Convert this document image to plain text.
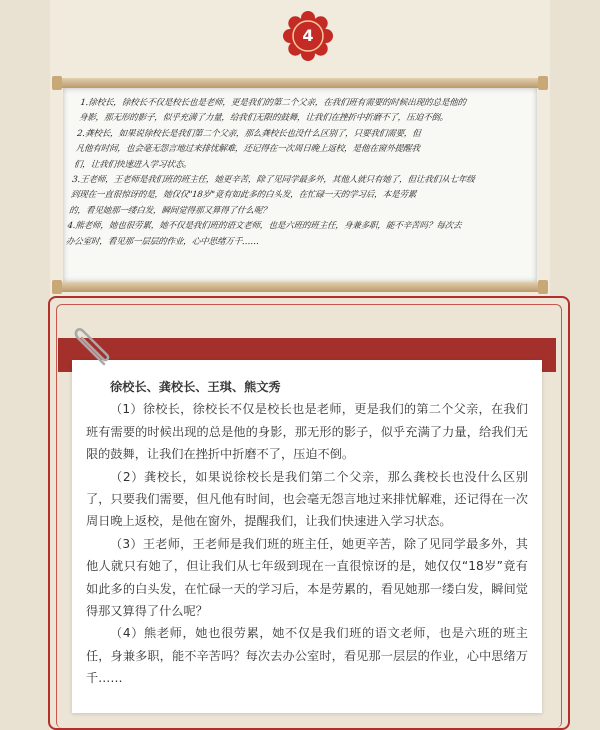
4

1.徐校长，徐校长不仅是校长也是老师，更是我们的第二个父亲，在我们班有需要的时候出现的总是他的

身影，那无形的影子，似乎充满了力量，给我们无限的鼓舞，让我们在挫折中折磨不了，压迫不倒。

2.龚校长，如果说徐校长是我们第二个父亲，那么龚校长也没什么区别了，只要我们需要，但

凡他有时间，也会毫无怨言地过来排忧解难，还记得在一次周日晚上返校，是他在窗外提醒我

们，让我们快速进入学习状态。

3.王老师，王老师是我们班的班主任，她更辛苦，除了见同学最多外，其他人就只有她了，但让我们从七年级

到现在一直很惊讶的是，她仅仅"18岁"竟有如此多的白头发，在忙碌一天的学习后，本是劳累

的，看见她那一缕白发，瞬间觉得那又算得了什么呢？

4.熊老师，她也很劳累，她不仅是我们班的语文老师，也是六班的班主任，身兼多职，能不辛苦吗？每次去

办公室时，看见那一层层的作业，心中思绪万千……

徐校长、龚校长、王琪、熊文秀

（1）徐校长，徐校长不仅是校长也是老师，更是我们的第二个父亲，在我们班有需要的时候出现的总是他的身影，那无形的影子，似乎充满了力量，给我们无限的鼓舞，让我们在挫折中折磨不了，压迫不倒。

（2）龚校长，如果说徐校长是我们第二个父亲，那么龚校长也没什么区别了，只要我们需要，但凡他有时间，也会毫无怨言地过来排忧解难，还记得在一次周日晚上返校，是他在窗外，提醒我们，让我们快速进入学习状态。

（3）王老师，王老师是我们班的班主任，她更辛苦，除了见同学最多外，其他人就只有她了，但让我们从七年级到现在一直很惊讶的是，她仅仅“18岁”竟有如此多的白头发，在忙碌一天的学习后，本是劳累的，看见她那一缕白发，瞬间觉得那又算得了什么呢？

（4）熊老师，她也很劳累，她不仅是我们班的语文老师，也是六班的班主任，身兼多职，能不辛苦吗？每次去办公室时，看见那一层层的作业，心中思绪万千……
